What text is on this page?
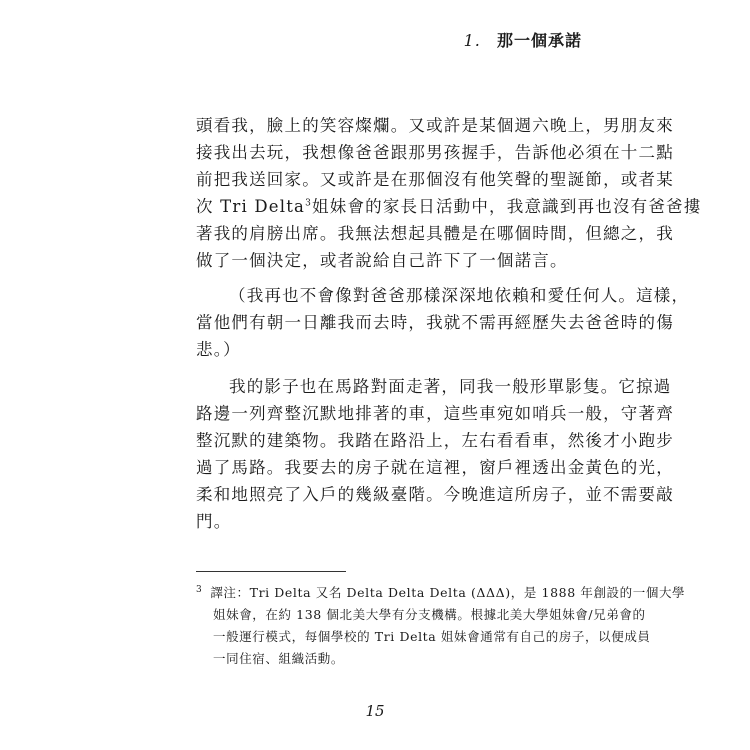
1. 那一個承諾
頭看我，臉上的笑容燦爛。又或許是某個週六晚上，男朋友來
接我出去玩，我想像爸爸跟那男孩握手，告訴他必須在十二點
前把我送回家。又或許是在那個沒有他笑聲的聖誕節，或者某
次 Tri Delta$^3$姐妹會的家長日活動中，我意識到再也沒有爸爸摟
著我的肩膀出席。我無法想起具體是在哪個時間，但總之，我
做了一個決定，或者說給自己許下了一個諾言。
（我再也不會像對爸爸那樣深深地依賴和愛任何人。這樣，
當他們有朝一日離我而去時，我就不需再經歷失去爸爸時的傷
悲。）
我的影子也在馬路對面走著，同我一般形單影隻。它掠過
路邊一列齊整沉默地排著的車，這些車宛如哨兵一般，守著齊
整沉默的建築物。我踏在路沿上，左右看看車，然後才小跑步
過了馬路。我要去的房子就在這裡，窗戶裡透出金黃色的光，
柔和地照亮了入戶的幾級臺階。今晚進這所房子，並不需要敲
門。
$^3$ 譯注：Tri Delta 又名 Delta Delta Delta (ΔΔΔ)，是 1888 年創設的一個大學
姐妹會，在約 138 個北美大學有分支機構。根據北美大學姐妹會/兄弟會的
一般運行模式，每個學校的 Tri Delta 姐妹會通常有自己的房子，以便成員
一同住宿、組織活動。
15
